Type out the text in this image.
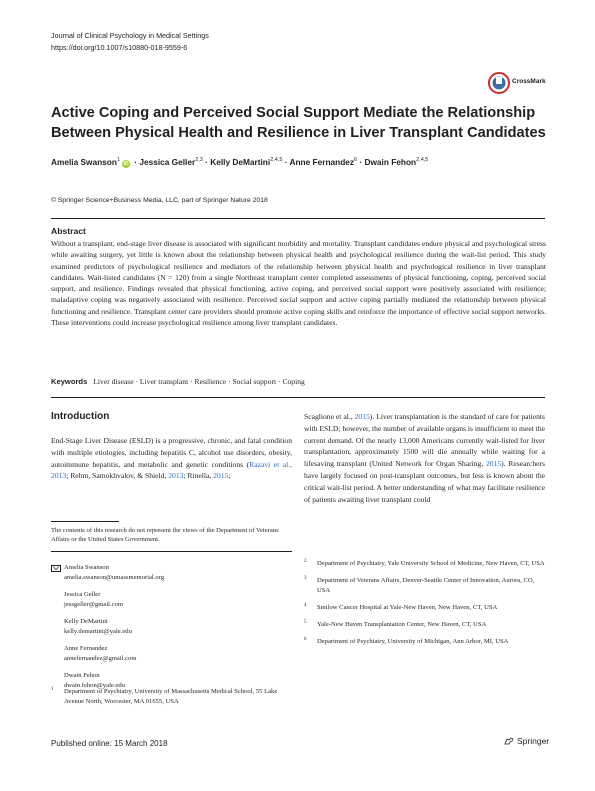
Journal of Clinical Psychology in Medical Settings
https://doi.org/10.1007/s10880-018-9559-6
CrossMark
Active Coping and Perceived Social Support Mediate the Relationship Between Physical Health and Resilience in Liver Transplant Candidates
Amelia Swanson$^1$iD · Jessica Geller$^{2,3}$ · Kelly DeMartini$^{2,4,5}$ · Anne Fernandez$^6$ · Dwain Fehon$^{2,4,5}$
© Springer Science+Business Media, LLC, part of Springer Nature 2018
Abstract
Without a transplant, end-stage liver disease is associated with significant morbidity and mortality. Transplant candidates endure physical and psychological stress while awaiting surgery, yet little is known about the relationship between physical health and psychological resilience during the wait-list period. This study examined predictors of psychological resilience and mediators of the relationship between physical health and psychological resilience in liver transplant candidates. Wait-listed candidates (N = 120) from a single Northeast transplant center completed assessments of physical functioning, coping, perceived social support, and resilience. Findings revealed that physical functioning, active coping, and perceived social support were positively associated with resilience; maladaptive coping was negatively associated with resilience. Perceived social support and active coping partially mediated the relationship between physical functioning and resilience. Transplant center care providers should promote active coping skills and reinforce the importance of effective social support networks. These interventions could increase psychological resilience among liver transplant candidates.
Keywords Liver disease · Liver transplant · Resilience · Social support · Coping
Introduction
End-Stage Liver Disease (ESLD) is a progressive, chronic, and fatal condition with multiple etiologies, including hepatitis C, alcohol use disorders, obesity, autoimmune hepatitis, and metabolic and genetic conditions (Razavi et al., 2013; Rehm, Samokhvalov, & Shield, 2013; Rinella, 2015;
Scaglione et al., 2015). Liver transplantation is the standard of care for patients with ESLD; however, the number of available organs is insufficient to meet the current demand. Of the nearly 13,000 Americans currently wait-listed for liver transplantation, approximately 1500 will die annually while waiting for a lifesaving transplant (United Network for Organ Sharing, 2015). Researchers have largely focused on post-transplant outcomes, but less is known about the critical wait-list period. A better understanding of what may facilitate resilience of patients awaiting liver transplant could
The contents of this research do not represent the views of the Department of Veterans Affairs or the United States Government.
Amelia Swanson
amelia.swanson@umassmemorial.org
Jessica Geller
jessgeller@gmail.com
Kelly DeMartini
kelly.demartini@yale.edu
Anne Fernandez
annefernandez@gmail.com
Dwain Fehon
dwain.fehon@yale.edu
1 Department of Psychiatry, University of Massachusetts Medical School, 55 Lake Avenue North, Worcester, MA 01655, USA
2 Department of Psychiatry, Yale University School of Medicine, New Haven, CT, USA
3 Department of Veterans Affairs, Denver-Seattle Center of Innovation, Aurora, CO, USA
4 Smilow Cancer Hospital at Yale-New Haven, New Haven, CT, USA
5 Yale-New Haven Transplantation Center, New Haven, CT, USA
6 Department of Psychiatry, University of Michigan, Ann Arbor, MI, USA
Published online: 15 March 2018	Springer
